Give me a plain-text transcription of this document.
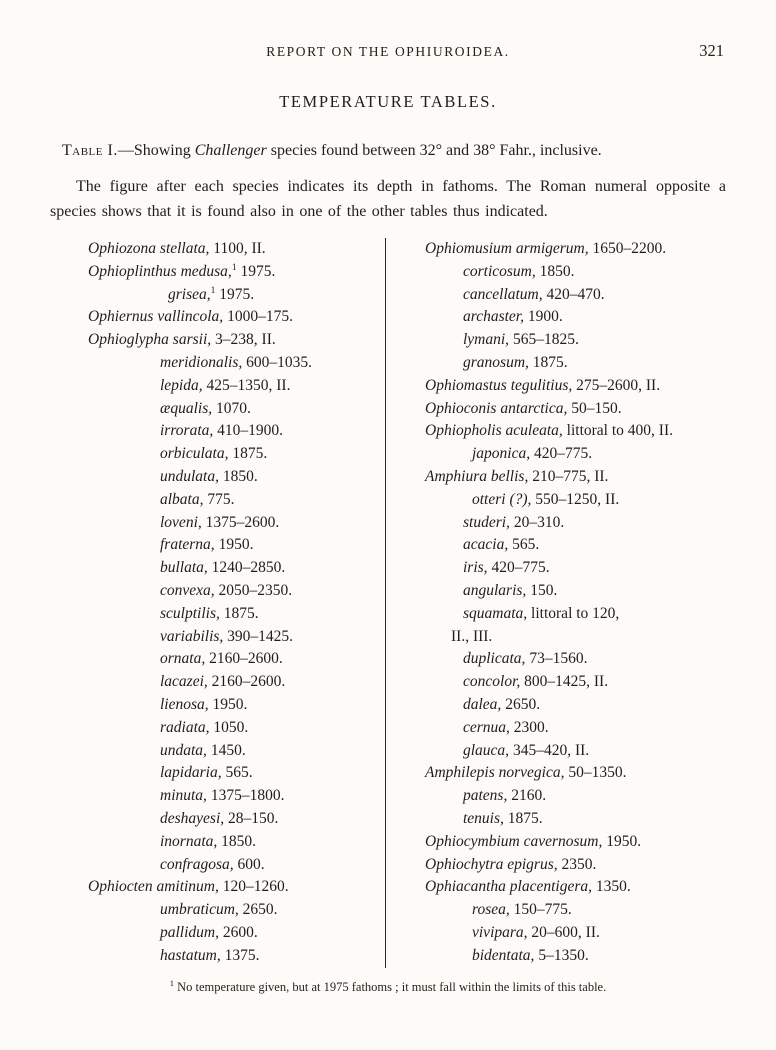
REPORT ON THE OPHIUROIDEA.	321
TEMPERATURE TABLES.

Table I.—Showing Challenger species found between 32° and 38° Fahr., inclusive.

The figure after each species indicates its depth in fathoms. The Roman numeral opposite a species shows that it is found also in one of the other tables thus indicated.

Ophiozona stellata, 1100, II.
Ophioplinthus medusa,$^1$ 1975.
grisea,$^1$ 1975.
Ophiernus vallincola, 1000–175.
Ophioglypha sarsii, 3–238, II.
meridionalis, 600–1035.
lepida, 425–1350, II.
æqualis, 1070.
irrorata, 410–1900.
orbiculata, 1875.
undulata, 1850.
albata, 775.
loveni, 1375–2600.
fraterna, 1950.
bullata, 1240–2850.
convexa, 2050–2350.
sculptilis, 1875.
variabilis, 390–1425.
ornata, 2160–2600.
lacazei, 2160–2600.
lienosa, 1950.
radiata, 1050.
undata, 1450.
lapidaria, 565.
minuta, 1375–1800.
deshayesi, 28–150.
inornata, 1850.
confragosa, 600.
Ophiocten amitinum, 120–1260.
umbraticum, 2650.
pallidum, 2600.
hastatum, 1375.
Ophiomusium armigerum, 1650–2200.
corticosum, 1850.
cancellatum, 420–470.
archaster, 1900.
lymani, 565–1825.
granosum, 1875.
Ophiomastus tegulitius, 275–2600, II.
Ophioconis antarctica, 50–150.
Ophiopholis aculeata, littoral to 400, II.
japonica, 420–775.
Amphiura bellis, 210–775, II.
otteri (?), 550–1250, II.
studeri, 20–310.
acacia, 565.
iris, 420–775.
angularis, 150.
squamata, littoral to 120,
II., III.
duplicata, 73–1560.
concolor, 800–1425, II.
dalea, 2650.
cernua, 2300.
glauca, 345–420, II.
Amphilepis norvegica, 50–1350.
patens, 2160.
tenuis, 1875.
Ophiocymbium cavernosum, 1950.
Ophiochytra epigrus, 2350.
Ophiacantha placentigera, 1350.
rosea, 150–775.
vivipara, 20–600, II.
bidentata, 5–1350.

$^1$ No temperature given, but at 1975 fathoms ; it must fall within the limits of this table.
